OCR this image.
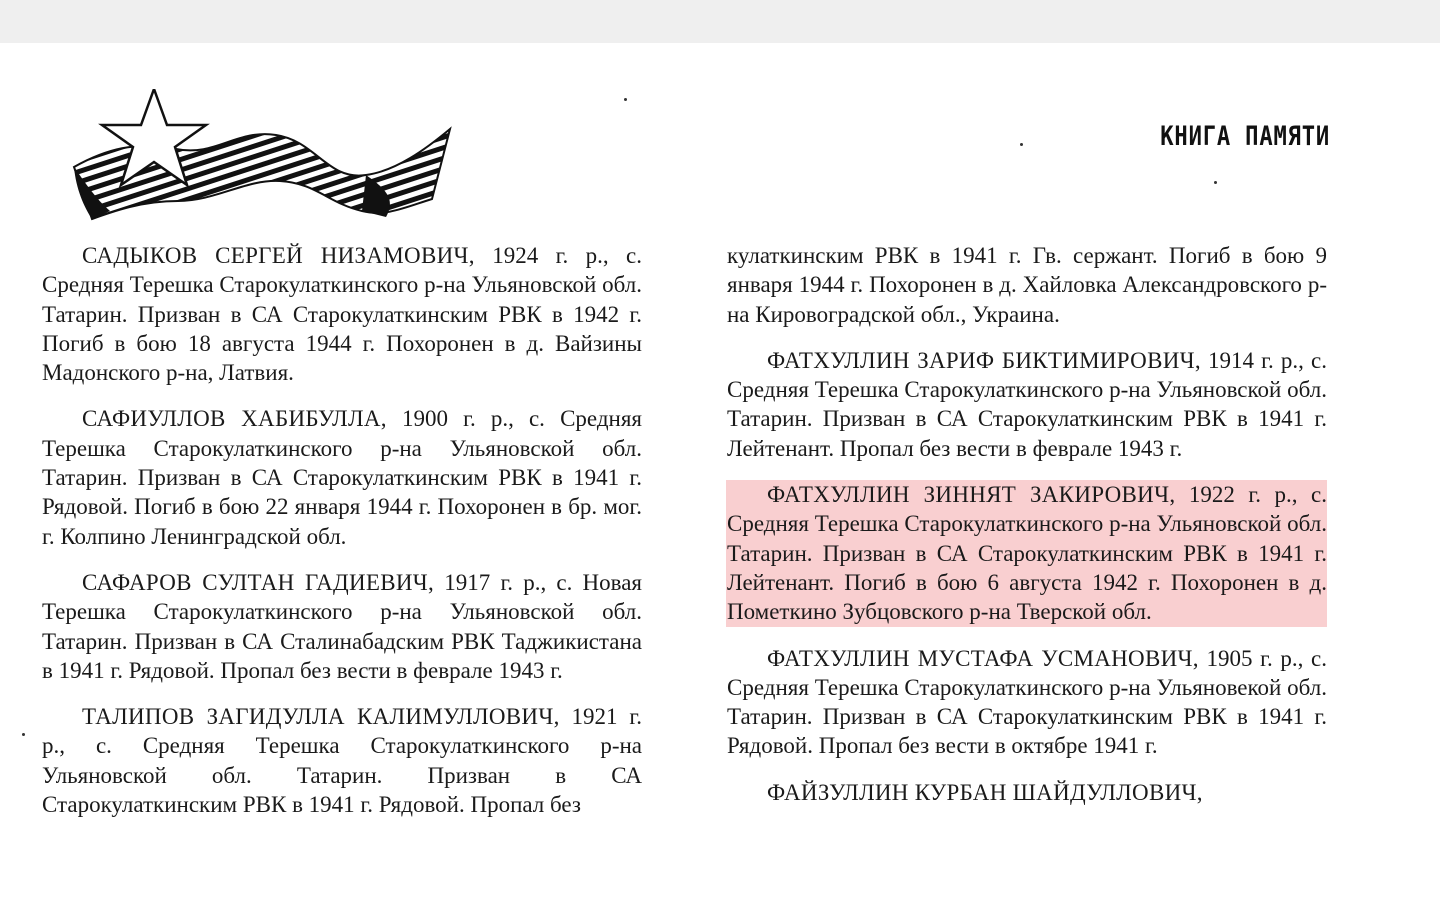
КНИГА ПАМЯТИ

САДЫКОВ СЕРГЕЙ НИЗАМОВИЧ, 1924 г. р., с. Средняя Терешка Старокулаткинского р-на Ульяновской обл. Татарин. Призван в СА Старокулаткинским РВК в 1942 г. Погиб в бою 18 августа 1944 г. Похоронен в д. Вайзины Мадонского р-на, Латвия.

САФИУЛЛОВ ХАБИБУЛЛА, 1900 г. р., с. Средняя Терешка Старокулаткинского р-на Ульяновской обл. Татарин. Призван в СА Старокулаткинским РВК в 1941 г. Рядовой. Погиб в бою 22 января 1944 г. Похоронен в бр. мог. г. Колпино Ленинградской обл.

САФАРОВ СУЛТАН ГАДИЕВИЧ, 1917 г. р., с. Новая Терешка Старокулаткинского р-на Ульяновской обл. Татарин. Призван в СА Сталинабадским РВК Таджикистана в 1941 г. Рядовой. Пропал без вести в феврале 1943 г.

ТАЛИПОВ ЗАГИДУЛЛА КАЛИМУЛЛОВИЧ, 1921 г. р., с. Средняя Терешка Старокулаткинского р-на Ульяновской обл. Татарин. Призван в СА Старокулаткинским РВК в 1941 г. Рядовой. Пропал без

кулаткинским РВК в 1941 г. Гв. сержант. Погиб в бою 9 января 1944 г. Похоронен в д. Хайловка Александровского р-на Кировоградской обл., Украина.

ФАТХУЛЛИН ЗАРИФ БИКТИМИРОВИЧ, 1914 г. р., с. Средняя Терешка Старокулаткинского р-на Ульяновской обл. Татарин. Призван в СА Старокулаткинским РВК в 1941 г. Лейтенант. Пропал без вести в феврале 1943 г.

ФАТХУЛЛИН ЗИННЯТ ЗАКИРОВИЧ, 1922 г. р., с. Средняя Терешка Старокулаткинского р-на Ульяновской обл. Татарин. Призван в СА Старокулаткинским РВК в 1941 г. Лейтенант. Погиб в бою 6 августа 1942 г. Похоронен в д. Пометкино Зубцовского р-на Тверской обл.

ФАТХУЛЛИН МУСТАФА УСМАНОВИЧ, 1905 г. р., с. Средняя Терешка Старокулаткинского р-на Ульяновекой обл. Татарин. Призван в СА Старокулаткинским РВК в 1941 г. Рядовой. Пропал без вести в октябре 1941 г.

ФАЙЗУЛЛИН КУРБАН ШАЙДУЛЛОВИЧ,
